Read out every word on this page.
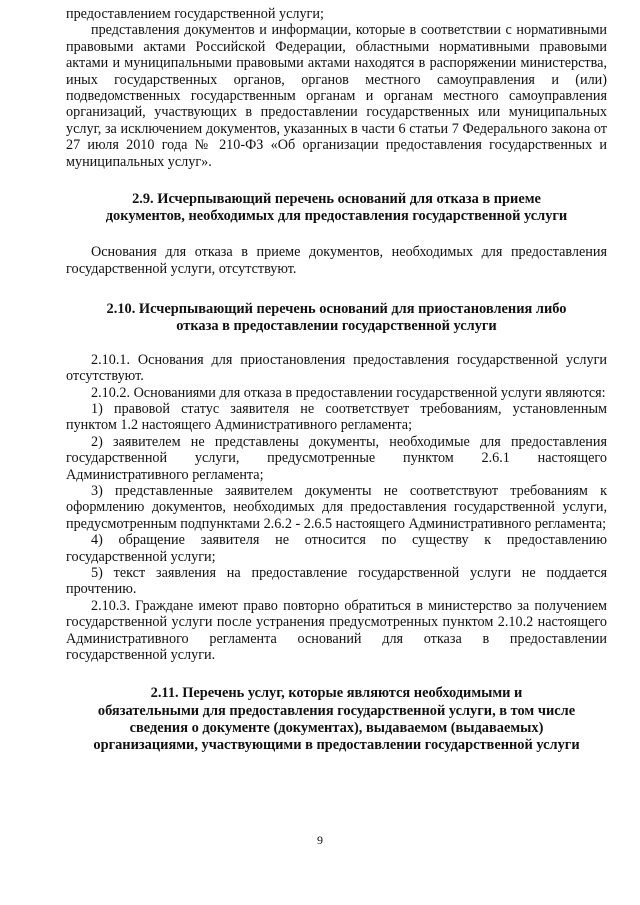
предоставлением государственной услуги;

представления документов и информации, которые в соответствии с нормативными правовыми актами Российской Федерации, областными нормативными правовыми актами и муниципальными правовыми актами находятся в распоряжении министерства, иных государственных органов, органов местного самоуправления и (или) подведомственных государственным органам и органам местного самоуправления организаций, участвующих в предоставлении государственных или муниципальных услуг, за исключением документов, указанных в части 6 статьи 7 Федерального закона от 27 июля 2010 года № 210-ФЗ «Об организации предоставления государственных и муниципальных услуг».

2.9. Исчерпывающий перечень оснований для отказа в приеме
документов, необходимых для предоставления государственной услуги

Основания для отказа в приеме документов, необходимых для предоставления государственной услуги, отсутствуют.

2.10. Исчерпывающий перечень оснований для приостановления либо
отказа в предоставлении государственной услуги

2.10.1. Основания для приостановления предоставления государственной услуги отсутствуют.

2.10.2. Основаниями для отказа в предоставлении государственной услуги являются:

1) правовой статус заявителя не соответствует требованиям, установленным пунктом 1.2 настоящего Административного регламента;

2) заявителем не представлены документы, необходимые для предоставления государственной услуги, предусмотренные пунктом 2.6.1 настоящего Административного регламента;

3) представленные заявителем документы не соответствуют требованиям к оформлению документов, необходимых для предоставления государственной услуги, предусмотренным подпунктами 2.6.2 - 2.6.5 настоящего Административного регламента;

4) обращение заявителя не относится по существу к предоставлению государственной услуги;

5) текст заявления на предоставление государственной услуги не поддается прочтению.

2.10.3. Граждане имеют право повторно обратиться в министерство за получением государственной услуги после устранения предусмотренных пунктом 2.10.2 настоящего Административного регламента оснований для отказа в предоставлении государственной услуги.

2.11. Перечень услуг, которые являются необходимыми и
обязательными для предоставления государственной услуги, в том числе
сведения о документе (документах), выдаваемом (выдаваемых)
организациями, участвующими в предоставлении государственной услуги
9
